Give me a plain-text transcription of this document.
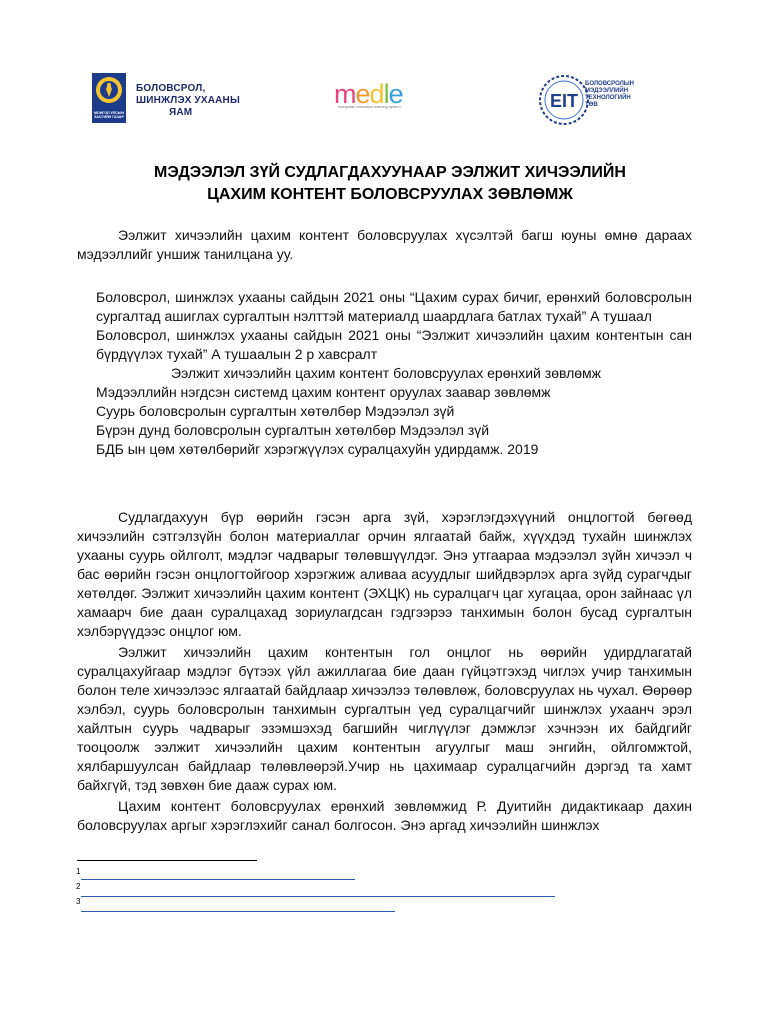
МОНГОЛ УЛСЫН ЗАСГИЙН ГАЗАР
БОЛОВСРОЛ,
ШИНЖЛЭХ УХААНЫ
ЯАМ
medle
mongolian education learning system	EIT
БОЛОВСРОЛЫН
МЭДЭЭЛЛИЙН
ТЕХНОЛОГИЙН
ТӨВ
МЭДЭЭЛЭЛ ЗҮЙ СУДЛАГДАХУУНААР ЭЭЛЖИТ ХИЧЭЭЛИЙН
ЦАХИМ КОНТЕНТ БОЛОВСРУУЛАХ ЗӨВЛӨМЖ

Ээлжит хичээлийн цахим контент боловсруулах хүсэлтэй багш юуны өмнө дараах мэдээллийг уншиж танилцана уу.

Боловсрол, шинжлэх ухааны сайдын 2021 оны “Цахим сурах бичиг, ерөнхий боловсролын сургалтад ашиглах сургалтын нэлттэй материалд шаардлага батлах тухай” А тушаал

Боловсрол, шинжлэх ухааны сайдын 2021 оны “Ээлжит хичээлийн цахим контентын сан бүрдүүлэх тухай” А тушаалын 2 р хавсралт

Ээлжит хичээлийн цахим контент боловсруулах ерөнхий зөвлөмж

Мэдээллийн нэгдсэн системд цахим контент оруулах заавар зөвлөмж

Суурь боловсролын сургалтын хөтөлбөр Мэдээлэл зүй

Бүрэн дунд боловсролын сургалтын хөтөлбөр Мэдээлэл зүй

БДБ ын цөм хөтөлбөрийг хэрэгжүүлэх суралцахуйн удирдамж. 2019

Судлагдахуун бүр өөрийн гэсэн арга зүй, хэрэглэгдэхүүний онцлогтой бөгөөд хичээлийн сэтгэлзүйн болон материаллаг орчин ялгаатай байж, хүүхдэд тухайн шинжлэх ухааны суурь ойлголт, мэдлэг чадварыг төлөвшүүлдэг. Энэ утгаараа мэдээлэл зүйн хичээл ч бас өөрийн гэсэн онцлогтойгоор хэрэгжиж аливаа асуудлыг шийдвэрлэх арга зүйд сурагчдыг хөтөлдөг. Ээлжит хичээлийн цахим контент (ЭХЦК) нь суралцагч цаг хугацаа, орон зайнаас үл хамаарч бие даан суралцахад зориулагдсан гэдгээрээ танхимын болон бусад сургалтын хэлбэрүүдээс онцлог юм.

Ээлжит хичээлийн цахим контентын гол онцлог нь өөрийн удирдлагатай суралцахуйгаар мэдлэг бүтээх үйл ажиллагаа бие даан гүйцэтгэхэд чиглэх учир танхимын болон теле хичээлээс ялгаатай байдлаар хичээлээ төлөвлөж, боловсруулах нь чухал. Өөрөөр хэлбэл, суурь боловсролын танхимын сургалтын үед суралцагчийг шинжлэх ухаанч эрэл хайлтын суурь чадварыг эзэмшэхэд багшийн чиглүүлэг дэмжлэг хэчнээн их байдгийг тооцоолж ээлжит хичээлийн цахим контентын агуулгыг маш энгийн, ойлгомжтой, хялбаршуулсан байдлаар төлөвлөөрэй.Учир нь цахимаар суралцагчийн дэргэд та хамт байхгүй, тэд зөвхөн бие дааж сурах юм.

Цахим контент боловсруулах ерөнхий зөвлөмжид Р. Дуитийн дидактикаар дахин боловсруулах аргыг хэрэглэхийг санал болгосон. Энэ аргад хичээлийн шинжлэх

1
2
3
